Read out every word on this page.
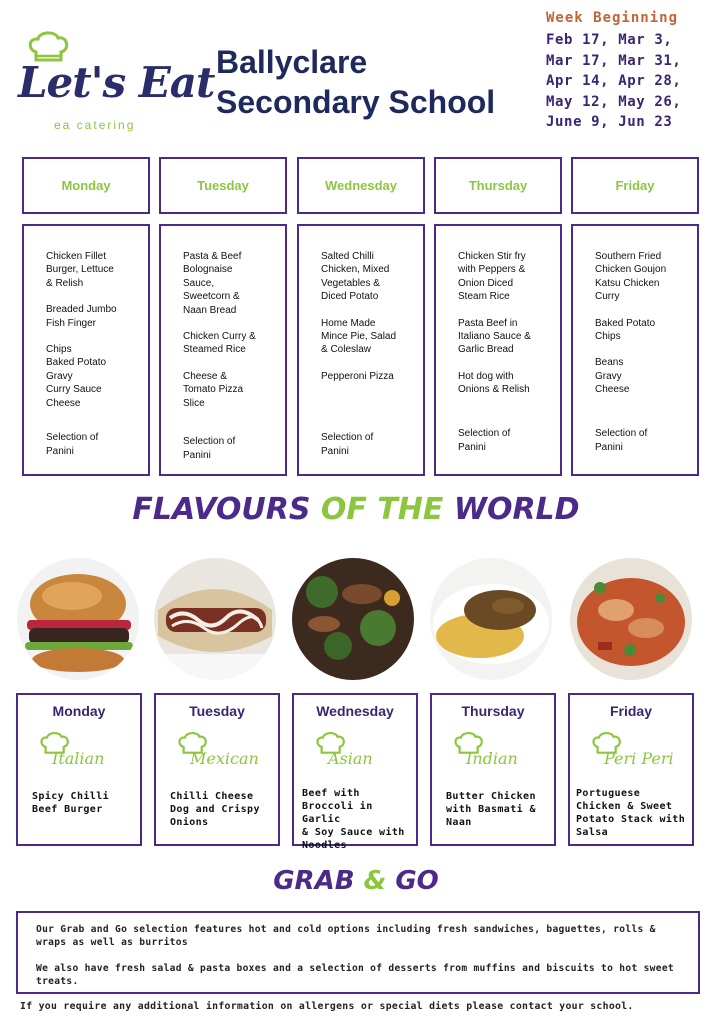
Let's Eat
ea catering
Ballyclare
Secondary School
Week Beginning
Feb 17, Mar 3,
Mar 17, Mar 31,
Apr 14, Apr 28,
May 12, May 26,
June 9, Jun 23
Monday	Tuesday	Wednesday	Thursday	Friday
Chicken Fillet
Burger, Lettuce
& Relish
Breaded Jumbo
Fish Finger
Chips
Baked Potato
Gravy
Curry Sauce
Cheese
Selection of
Panini
Pasta & Beef
Bolognaise
Sauce,
Sweetcorn &
Naan Bread
Chicken Curry &
Steamed Rice
Cheese &
Tomato Pizza
Slice
Selection of
Panini
Salted Chilli
Chicken, Mixed
Vegetables &
Diced Potato
Home Made
Mince Pie, Salad
& Coleslaw
Pepperoni Pizza
Selection of
Panini
Chicken Stir fry
with Peppers &
Onion Diced
Steam Rice
Pasta Beef in
Italiano Sauce &
Garlic Bread
Hot dog with
Onions & Relish
Selection of
Panini
Southern Fried
Chicken Goujon
Katsu Chicken
Curry
Baked Potato
Chips
Beans
Gravy
Cheese
Selection of
Panini
FLAVOURS OF THE WORLD
Monday
Italian
Spicy Chilli
Beef Burger
Tuesday
Mexican
Chilli Cheese
Dog and Crispy
Onions
Wednesday
Asian
Beef with
Broccoli in Garlic
& Soy Sauce with
Noodles
Thursday
Indian
Butter Chicken
with Basmati &
Naan
Friday
Peri Peri
Portuguese
Chicken & Sweet
Potato Stack with
Salsa
GRAB & GO

Our Grab and Go selection features hot and cold options including fresh sandwiches, baguettes, rolls & wraps as well as burritos

We also have fresh salad & pasta boxes and a selection of desserts from muffins and biscuits to hot sweet treats.

If you require any additional information on allergens or special diets please contact your school.
